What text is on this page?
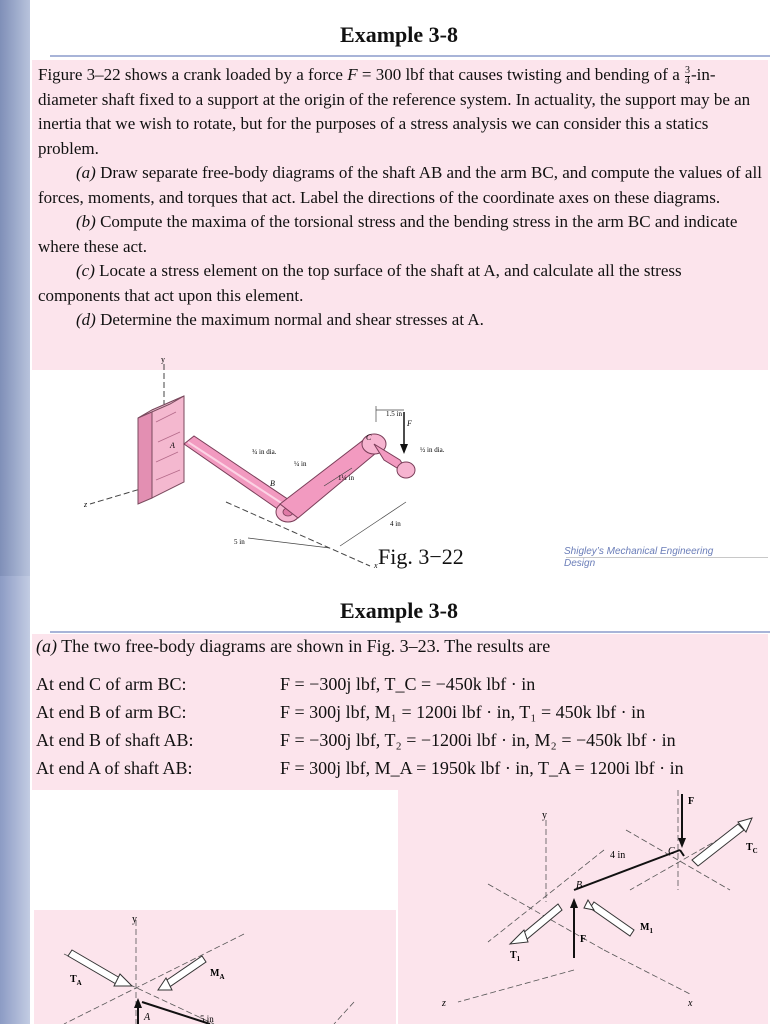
Example 3-8

Figure 3–22 shows a crank loaded by a force F = 300 lbf that causes twisting and bending of a $\frac{3}{4}$ -in-diameter shaft fixed to a support at the origin of the reference system. In actuality, the support may be an inertia that we wish to rotate, but for the purposes of a stress analysis we can consider this a statics problem.

(a) Draw separate free-body diagrams of the shaft AB and the arm BC, and compute the values of all forces, moments, and torques that act. Label the directions of the coordinate axes on these diagrams.

(b) Compute the maxima of the torsional stress and the bending stress in the arm BC and indicate where these act.

(c) Locate a stress element on the top surface of the shaft at A, and calculate all the stress components that act upon this element.

(d) Determine the maximum normal and shear stresses at A.

y
z
x
A
B
C
F
1.5 in
¾ in dia.	½ in dia.
¼ in
1¼ in
4 in
5 in
Fig. 3−22	Shigley’s Mechanical Engineering Design
Example 3-8
(a) The two free-body diagrams are shown in Fig. 3–23. The results are
At end C of arm BC:	F = −300j lbf, T_C = −450k lbf · in
At end B of arm BC:	F = 300j lbf, M₁ = 1200i lbf · in, T₁ = 450k lbf · in
At end B of shaft AB:	F = −300j lbf, T₂ = −1200i lbf · in, M₂ = −450k lbf · in
At end A of shaft AB:	F = 300j lbf, M_A = 1950k lbf · in, T_A = 1200i lbf · in
y
z	x
4 in	C
B
F
$T_C$
F
$M_1$
$T_1$
y
$T_A$
$M_A$
A	5 in
